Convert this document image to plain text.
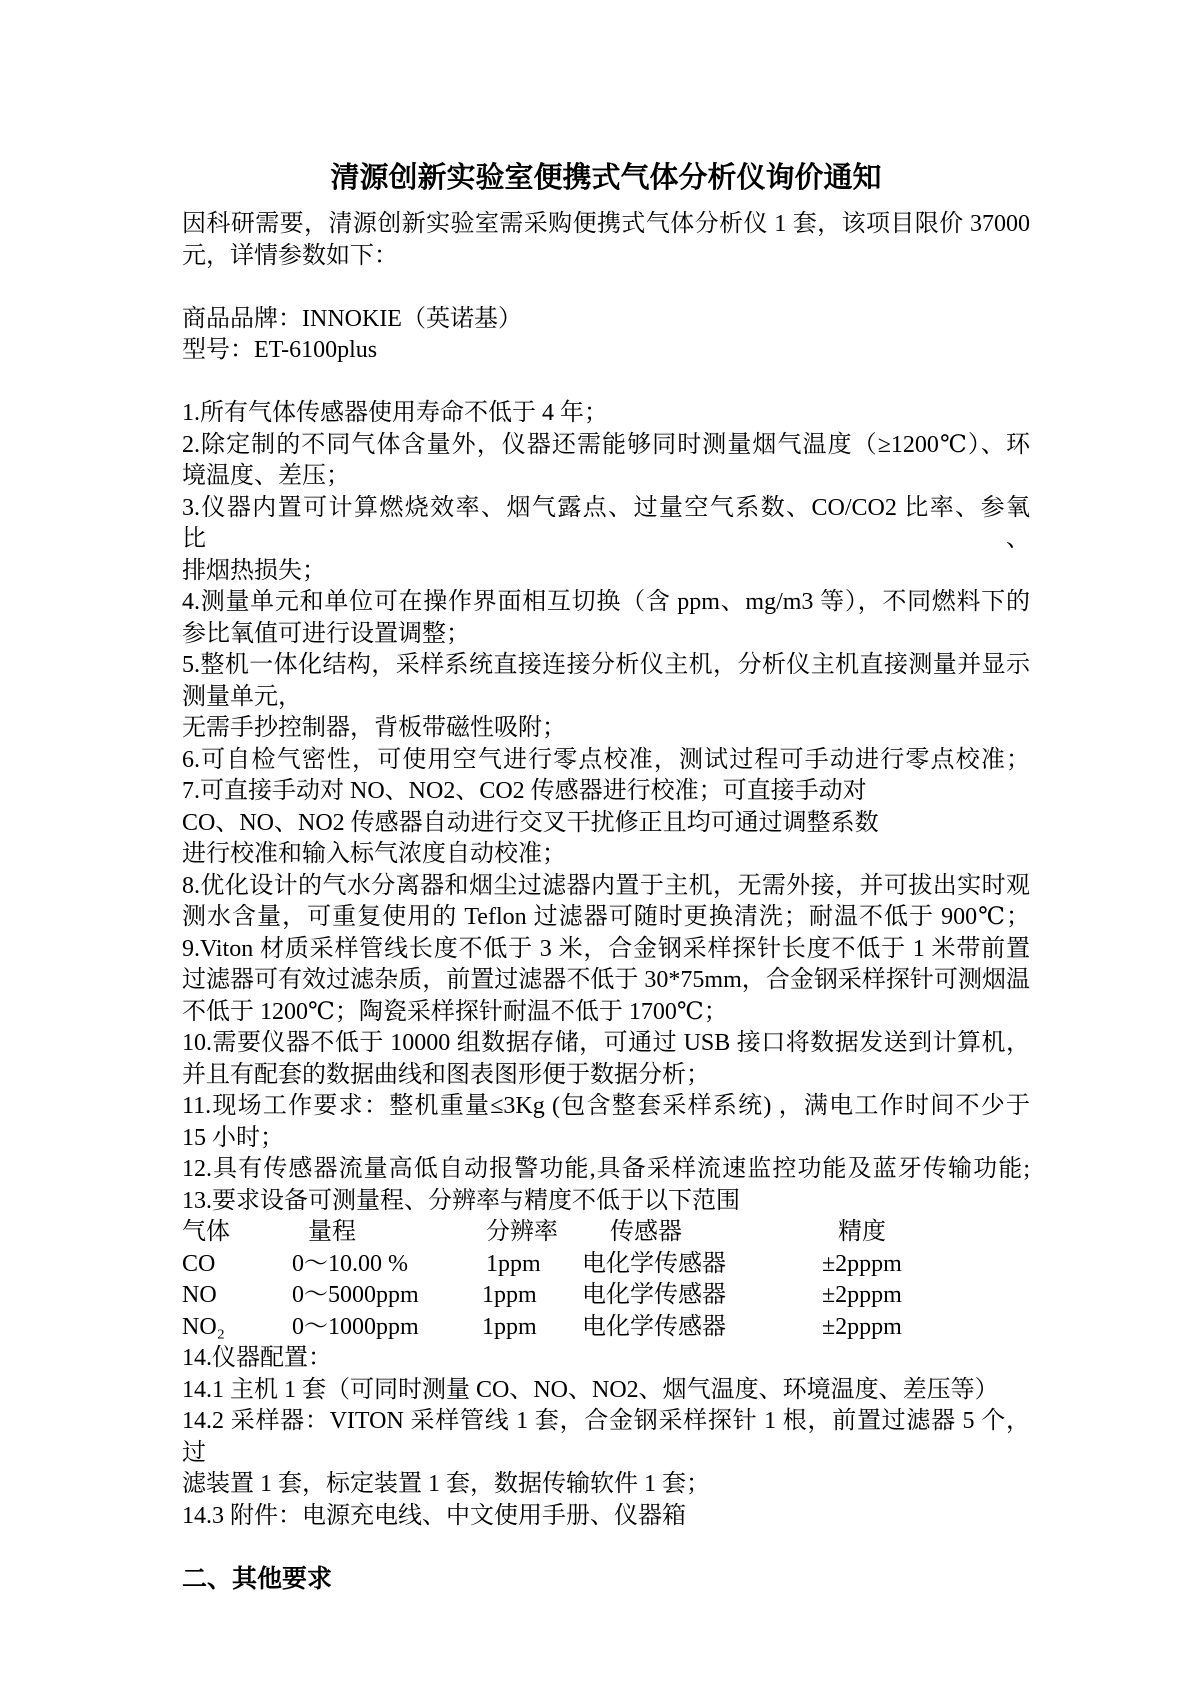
清源创新实验室便携式气体分析仪询价通知
因科研需要，清源创新实验室需采购便携式气体分析仪 1 套，该项目限价 37000
元，详情参数如下：
商品品牌：INNOKIE（英诺基）
型号：ET-6100plus
1.所有气体传感器使用寿命不低于 4 年；
2.除定制的不同气体含量外，仪器还需能够同时测量烟气温度（≥1200℃）、环
境温度、差压；
3.仪器内置可计算燃烧效率、烟气露点、过量空气系数、CO/CO2 比率、参氧比、
排烟热损失；
4.测量单元和单位可在操作界面相互切换（含 ppm、mg/m3 等），不同燃料下的
参比氧值可进行设置调整；
5.整机一体化结构，采样系统直接连接分析仪主机，分析仪主机直接测量并显示
测量单元，
无需手抄控制器，背板带磁性吸附；
6.可自检气密性，可使用空气进行零点校准，测试过程可手动进行零点校准；
7.可直接手动对 NO、NO2、CO2 传感器进行校准；可直接手动对
CO、NO、NO2 传感器自动进行交叉干扰修正且均可通过调整系数
进行校准和输入标气浓度自动校准；
8.优化设计的气水分离器和烟尘过滤器内置于主机，无需外接，并可拔出实时观
测水含量，可重复使用的 Teflon 过滤器可随时更换清洗；耐温不低于 900℃；
9.Viton 材质采样管线长度不低于 3 米，合金钢采样探针长度不低于 1 米带前置
过滤器可有效过滤杂质，前置过滤器不低于 30*75mm，合金钢采样探针可测烟温
不低于 1200℃；陶瓷采样探针耐温不低于 1700℃；
10.需要仪器不低于 10000 组数据存储，可通过 USB 接口将数据发送到计算机，
并且有配套的数据曲线和图表图形便于数据分析；
11.现场工作要求：整机重量≤3Kg (包含整套采样系统) ，满电工作时间不少于
15 小时；
12.具有传感器流量高低自动报警功能,具备采样流速监控功能及蓝牙传输功能;
13.要求设备可测量程、分辨率与精度不低于以下范围
气体	量程	分辨率	传感器	精度
CO	0～10.00 %	1ppm	电化学传感器	±2pppm
NO	0～5000ppm	1ppm	电化学传感器	±2pppm
NO₂	0～1000ppm	1ppm	电化学传感器	±2pppm
14.仪器配置：
14.1 主机 1 套（可同时测量 CO、NO、NO2、烟气温度、环境温度、差压等）
14.2 采样器：VITON 采样管线 1 套，合金钢采样探针 1 根，前置过滤器 5 个，过
滤装置 1 套，标定装置 1 套，数据传输软件 1 套；
14.3 附件：电源充电线、中文使用手册、仪器箱
二、其他要求
